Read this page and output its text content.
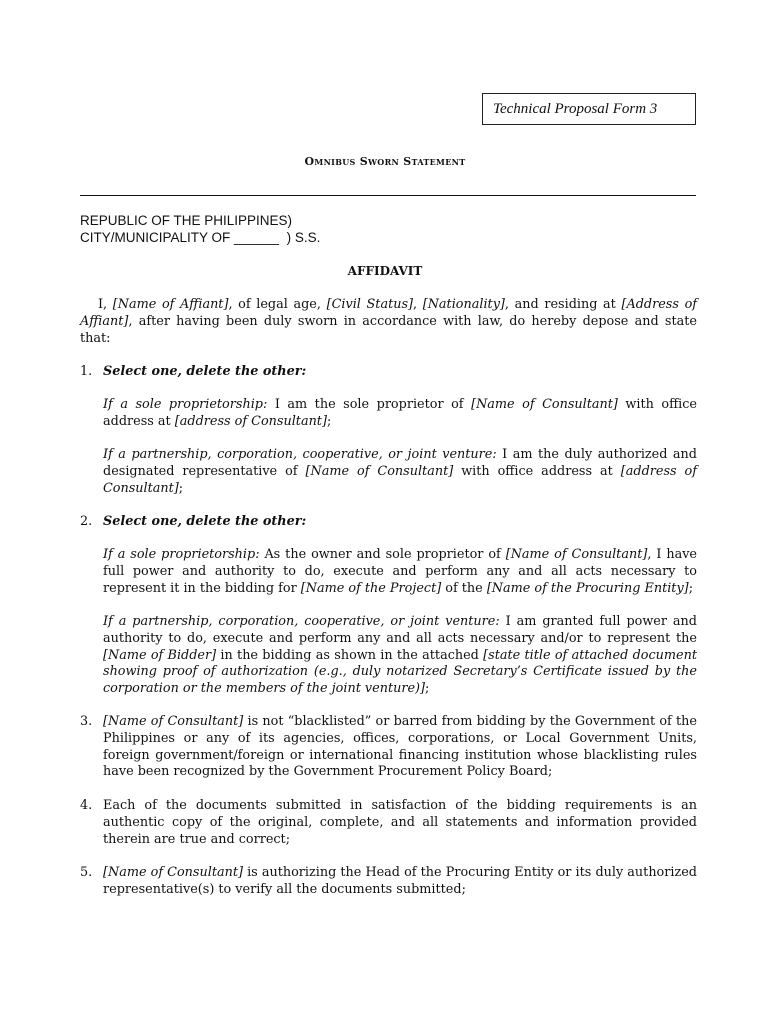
Technical Proposal Form 3
Omnibus Sworn Statement
REPUBLIC OF THE PHILIPPINES)
CITY/MUNICIPALITY OF ______  ) S.S.
AFFIDAVIT
I, [Name of Affiant], of legal age, [Civil Status], [Nationality], and residing at [Address of Affiant], after having been duly sworn in accordance with law, do hereby depose and state that:
1. Select one, delete the other:
If a sole proprietorship: I am the sole proprietor of [Name of Consultant] with office address at [address of Consultant];
If a partnership, corporation, cooperative, or joint venture: I am the duly authorized and designated representative of [Name of Consultant] with office address at [address of Consultant];
2. Select one, delete the other:
If a sole proprietorship: As the owner and sole proprietor of [Name of Consultant], I have full power and authority to do, execute and perform any and all acts necessary to represent it in the bidding for [Name of the Project] of the [Name of the Procuring Entity];
If a partnership, corporation, cooperative, or joint venture: I am granted full power and authority to do, execute and perform any and all acts necessary and/or to represent the [Name of Bidder] in the bidding as shown in the attached [state title of attached document showing proof of authorization (e.g., duly notarized Secretary’s Certificate issued by the corporation or the members of the joint venture)];
3. [Name of Consultant] is not “blacklisted” or barred from bidding by the Government of the Philippines or any of its agencies, offices, corporations, or Local Government Units, foreign government/foreign or international financing institution whose blacklisting rules have been recognized by the Government Procurement Policy Board;
4. Each of the documents submitted in satisfaction of the bidding requirements is an authentic copy of the original, complete, and all statements and information provided therein are true and correct;
5. [Name of Consultant] is authorizing the Head of the Procuring Entity or its duly authorized representative(s) to verify all the documents submitted;
